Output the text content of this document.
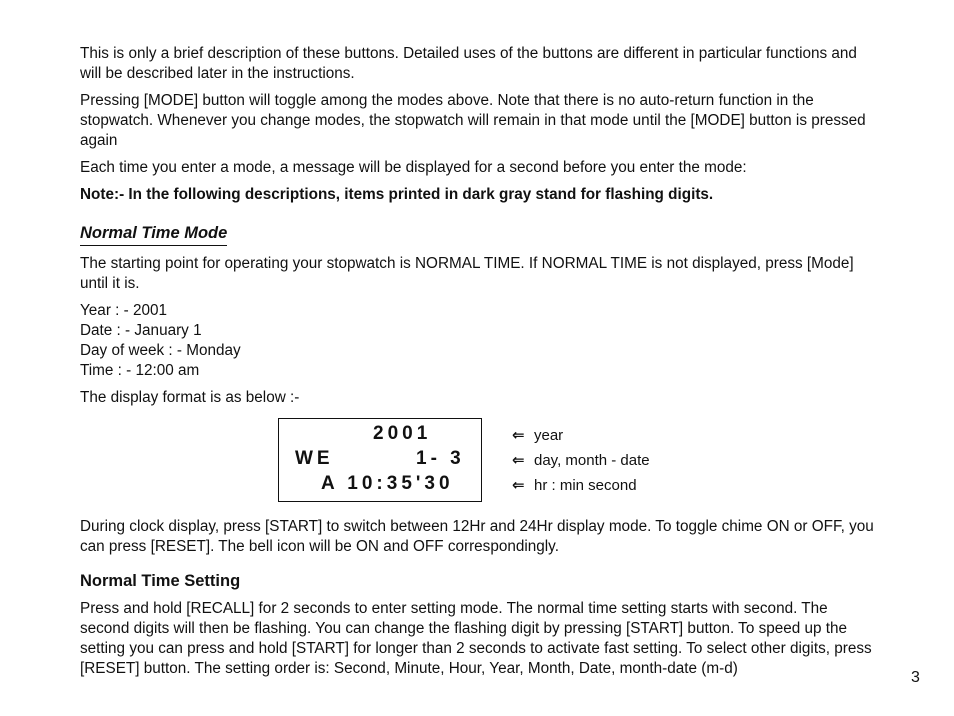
This is only a brief description of these buttons. Detailed uses of the buttons are different in particular functions and will be described later in the instructions.

Pressing [MODE] button will toggle among the modes above. Note that there is no auto-return function in the stopwatch. Whenever you change modes, the stopwatch will remain in that mode until the [MODE] button is pressed again

Each time you enter a mode, a message will be displayed for a second before you enter the mode:

Note:- In the following descriptions, items printed in dark gray stand for flashing digits.

Normal Time Mode

The starting point for operating your stopwatch is NORMAL TIME. If NORMAL TIME is not displayed, press [Mode] until it is.

Year : - 2001
Date : - January 1
Day of week : - Monday
Time : - 12:00 am

The display format is as below :-

2001
WE	1- 3
A 10:35'30
⇐ year
⇐ day, month - date
⇐ hr : min second

During clock display, press [START] to switch between 12Hr and 24Hr display mode. To toggle chime ON or OFF, you can press [RESET]. The bell icon will be ON and OFF correspondingly.

Normal Time Setting

Press and hold [RECALL] for 2 seconds to enter setting mode. The normal time setting starts with second. The second digits will then be flashing. You can change the flashing digit by pressing [START] button. To speed up the setting you can press and hold [START] for longer than 2 seconds to activate fast setting. To select other digits, press [RESET] button. The setting order is: Second, Minute, Hour, Year, Month, Date, month-date (m-d)

3
